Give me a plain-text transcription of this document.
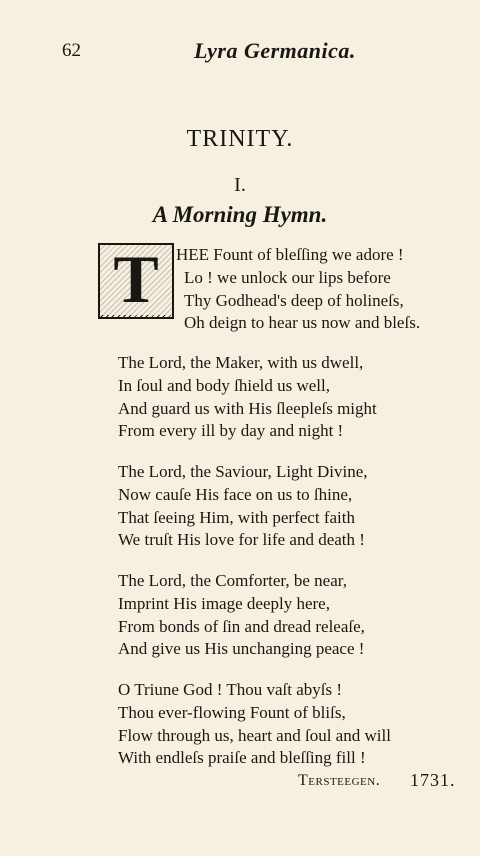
62	Lyra Germanica.
TRINITY.
I.
A Morning Hymn.
T	HEE Fount of bleſſing we adore !
Lo ! we unlock our lips before
Thy Godhead's deep of holineſs,
Oh deign to hear us now and bleſs.
The Lord, the Maker, with us dwell,
In ſoul and body ſhield us well,
And guard us with His ſleepleſs might
From every ill by day and night !
The Lord, the Saviour, Light Divine,
Now cauſe His face on us to ſhine,
That ſeeing Him, with perfect faith
We truſt His love for life and death !
The Lord, the Comforter, be near,
Imprint His image deeply here,
From bonds of ſin and dread releaſe,
And give us His unchanging peace !
O Triune God ! Thou vaſt abyſs !
Thou ever-flowing Fount of bliſs,
Flow through us, heart and ſoul and will
With endleſs praiſe and bleſſing fill !
Tersteegen. 1731.
